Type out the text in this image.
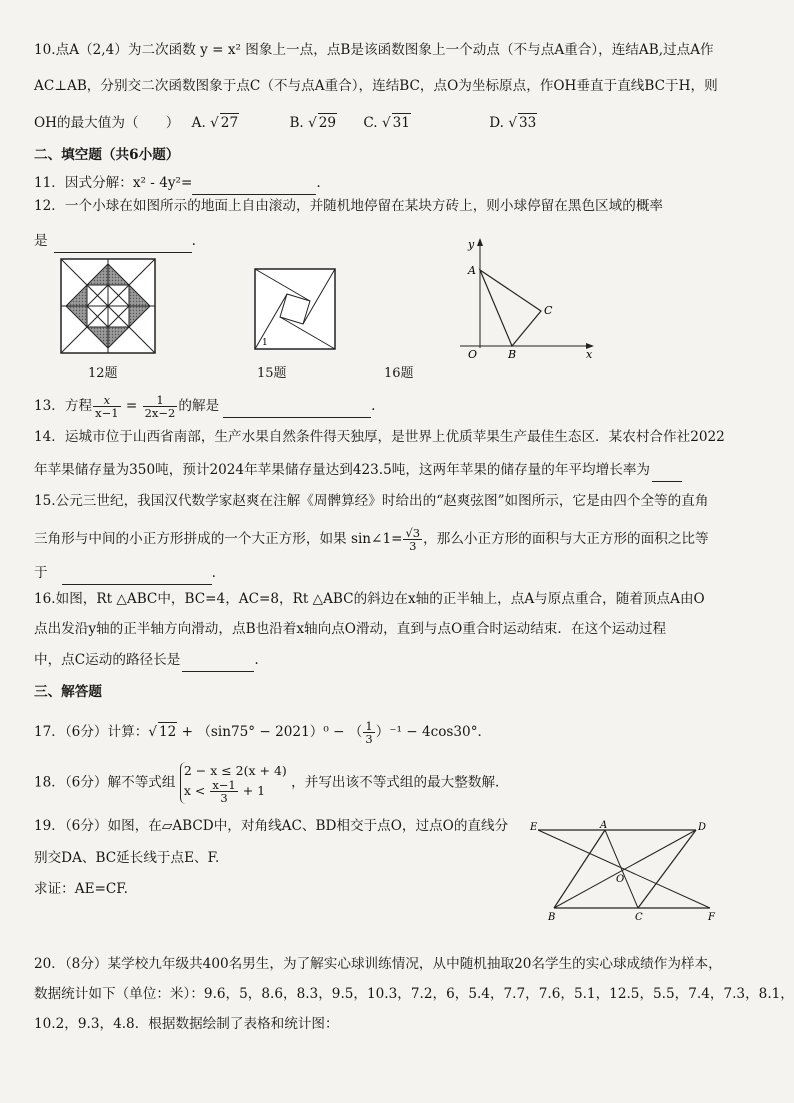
10.点A（2,4）为二次函数 y = x² 图象上一点，点B是该函数图象上一个动点（不与点A重合），连结AB,过点A作
AC⊥AB，分别交二次函数图象于点C（不与点A重合），连结BC，点O为坐标原点，作OH垂直于直线BC于H，则
OH的最大值为（　　） A. √ 27	B. √ 29 C. √ 31	D. √ 33
二、填空题（共6小题）
11．因式分解：x² - 4y²=	.
12．一个小球在如图所示的地面上自由滚动，并随机地停留在某块方砖上，则小球停留在黑色区域的概率
是	.
12题
1
15题
y
x
A
B
C
O
16题
13．方程 $\frac{x}{x-1} = \frac{1}{2x-2}$ 的解是	.
14．运城市位于山西省南部，生产水果自然条件得天独厚，是世界上优质苹果生产最佳生态区．某农村合作社2022
年苹果储存量为350吨，预计2024年苹果储存量达到423.5吨，这两年苹果的储存量的年平均增长率为
15.公元三世纪，我国汉代数学家赵爽在注解《周髀算经》时给出的“赵爽弦图”如图所示，它是由四个全等的直角
三角形与中间的小正方形拼成的一个大正方形，如果 sin∠1= $\frac{√3}{3}$ ，那么小正方形的面积与大正方形的面积之比等
于	.
16.如图，Rt △ABC中，BC=4，AC=8，Rt △ABC的斜边在x轴的正半轴上，点A与原点重合，随着顶点A由O
点出发沿y轴的正半轴方向滑动，点B也沿着x轴向点O滑动，直到与点O重合时运动结束．在这个运动过程
中，点C运动的路径长是	.
三、解答题
17．（6分）计算：√ 12 + （sin75° − 2021）⁰ − （ $\frac{1}{3} )^{-1} - 4\cos 30^\circ$．
18．（6分）解不等式组
2 − x ≤ 2(x + 4)
$x < \frac{x-1}{3} + 1$	，并写出该不等式组的最大整数解.
19．（6分）如图，在▱ABCD中，对角线AC、BD相交于点O，过点O的直线分
别交DA、BC延长线于点E、F.
求证：AE=CF.
E	A	D
O
B	C	F
20．（8分）某学校九年级共400名男生，为了解实心球训练情况，从中随机抽取20名学生的实心球成绩作为样本，
数据统计如下（单位：米）：9.6，5，8.6，8.3，9.5，10.3，7.2，6，5.4，7.7，7.6，5.1，12.5，5.5，7.4，7.3，8.1，
10.2，9.3，4.8．根据数据绘制了表格和统计图：
